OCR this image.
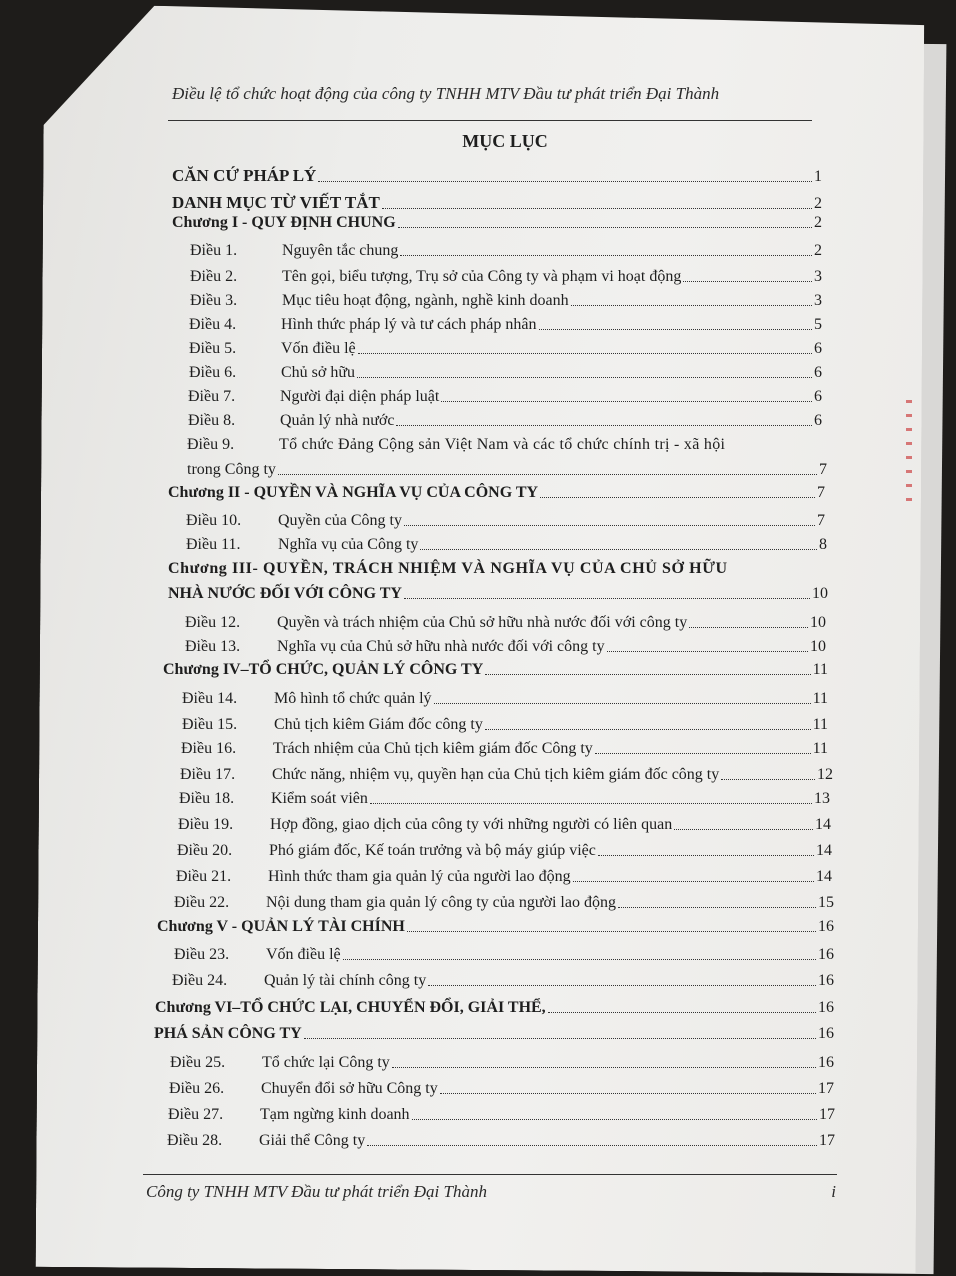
Điều lệ tổ chức hoạt động của công ty TNHH MTV Đầu tư phát triển Đại Thành
MỤC LỤC
CĂN CỨ PHÁP LÝ	1
DANH MỤC TỪ VIẾT TẮT	2
Chương I - QUY ĐỊNH CHUNG	2
Điều 1.	Nguyên tắc chung	2
Điều 2.	Tên gọi, biểu tượng, Trụ sở của Công ty và phạm vi hoạt động	3
Điều 3.	Mục tiêu hoạt động, ngành, nghề kinh doanh	3
Điều 4.	Hình thức pháp lý và tư cách pháp nhân	5
Điều 5.	Vốn điều lệ	6
Điều 6.	Chủ sở hữu	6
Điều 7.	Người đại diện pháp luật	6
Điều 8.	Quản lý nhà nước	6
Điều 9.	Tổ chức Đảng Cộng sản Việt Nam và các tổ chức chính trị - xã hội
trong Công ty	7
Chương II - QUYỀN VÀ NGHĨA VỤ CỦA CÔNG TY	7
Điều 10.	Quyền của Công ty	7
Điều 11.	Nghĩa vụ của Công ty	8
Chương III- QUYỀN, TRÁCH NHIỆM VÀ NGHĨA VỤ CỦA CHỦ SỞ HỮU
NHÀ NƯỚC ĐỐI VỚI CÔNG TY	10
Điều 12.	Quyền và trách nhiệm của Chủ sở hữu nhà nước đối với công ty	10
Điều 13.	Nghĩa vụ của Chủ sở hữu nhà nước đối với công ty	10
Chương IV–TỔ CHỨC, QUẢN LÝ CÔNG TY	11
Điều 14.	Mô hình tổ chức quản lý	11
Điều 15.	Chủ tịch kiêm Giám đốc công ty	11
Điều 16.	Trách nhiệm của Chủ tịch kiêm giám đốc Công ty	11
Điều 17.	Chức năng, nhiệm vụ, quyền hạn của Chủ tịch kiêm giám đốc công ty	12
Điều 18.	Kiểm soát viên	13
Điều 19.	Hợp đồng, giao dịch của công ty với những người có liên quan	14
Điều 20.	Phó giám đốc, Kế toán trưởng và bộ máy giúp việc	14
Điều 21.	Hình thức tham gia quản lý của người lao động	14
Điều 22.	Nội dung tham gia quản lý công ty của người lao động	15
Chương V - QUẢN LÝ TÀI CHÍNH	16
Điều 23.	Vốn điều lệ	16
Điều 24.	Quản lý tài chính công ty	16
Chương VI–TỔ CHỨC LẠI, CHUYỂN ĐỔI, GIẢI THỂ,	16
PHÁ SẢN CÔNG TY	16
Điều 25.	Tổ chức lại Công ty	16
Điều 26.	Chuyển đổi sở hữu Công ty	17
Điều 27.	Tạm ngừng kinh doanh	17
Điều 28.	Giải thể Công ty	17
Công ty TNHH MTV Đầu tư phát triển Đại Thành	i
